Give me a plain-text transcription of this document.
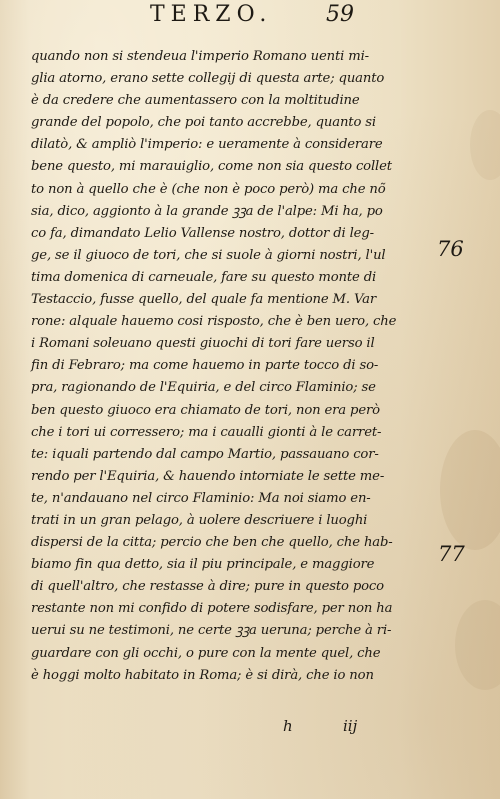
TERZO.	59
quando non si stendeua l'imperio Romano uenti mi-
glia atorno, erano sette collegij di questa arte; quanto
è da credere che aumentassero con la moltitudine
grande del popolo, che poi tanto accrebbe, quanto si
dilatò, & ampliò l'imperio: e ueramente à considerare
bene questo, mi marauiglio, come non sia questo collet
to non à quello che è (che non è poco però) ma che nõ
sia, dico, aggionto à la grande ꝫꝫa de l'alpe: Mi ha, po
co fa, dimandato Lelio Vallense nostro, dottor di leg-
ge, se il giuoco de tori, che si suole à giorni nostri, l'ul
tima domenica di carneuale, fare su questo monte di
Testaccio, fusse quello, del quale fa mentione M. Var
rone: alquale hauemo cosi risposto, che è ben uero, che
i Romani soleuano questi giuochi di tori fare uerso il
fin di Febraro; ma come hauemo in parte tocco di so-
pra, ragionando de l'Equiria, e del circo Flaminio; se
ben questo giuoco era chiamato de tori, non era però
che i tori ui corressero; ma i caualli gionti à le carret-
te: iquali partendo dal campo Martio, passauano cor-
rendo per l'Equiria, & hauendo intorniate le sette me-
te, n'andauano nel circo Flaminio: Ma noi siamo en-
trati in un gran pelago, à uolere descriuere i luoghi
dispersi de la citta; percio che ben che quello, che hab-
biamo fin qua detto, sia il piu principale, e maggiore
di quell'altro, che restasse à dire; pure in questo poco
restante non mi confido di potere sodisfare, per non ha
uerui su ne testimoni, ne certe ꝫꝫa ueruna; perche à ri-
guardare con gli occhi, o pure con la mente quel, che
è hoggi molto habitato in Roma; è si dirà, che io non
76
77
h	iij
